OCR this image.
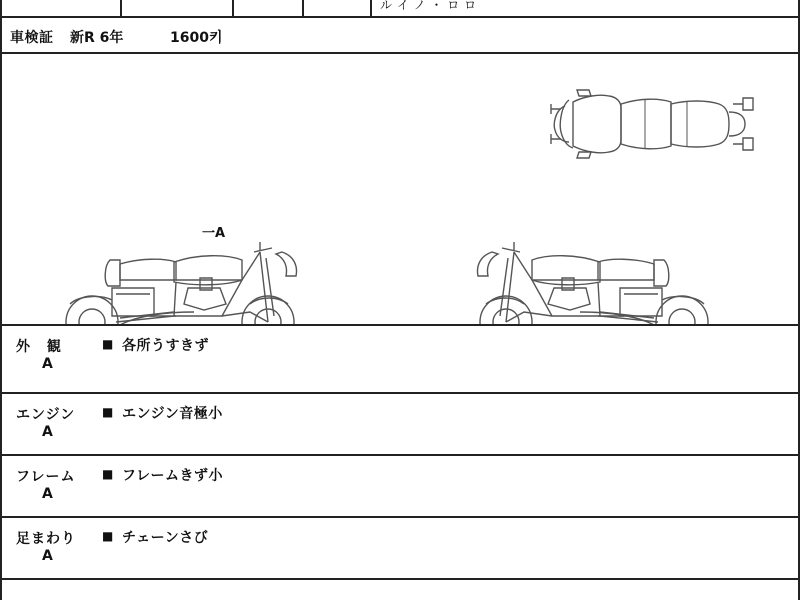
ル イ ノ ・ ロ ロ
車検証 新R 6年	1600키
一A
外 観
A
■ 各所うすきず
エンジン
A
■ エンジン音極小
フレーム
A
■ フレームきず小
足まわり
A
■ チェーンさび
